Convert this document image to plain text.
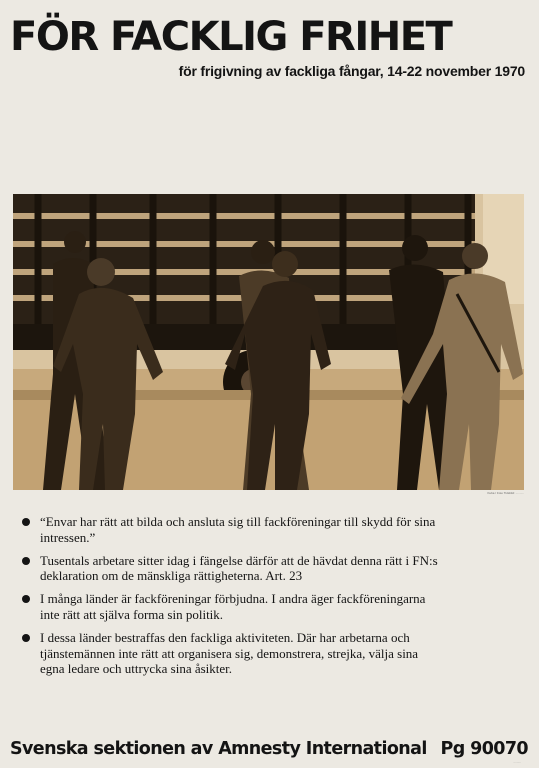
FÖR FACKLIG FRIHET

för frigivning av fackliga fångar, 14-22 november 1970

Kuba / Foto Tidsbild: ..........
“Envar har rätt att bilda och ansluta sig till fackföreningar till skydd för sina intressen.”
Tusentals arbetare sitter idag i fängelse därför att de hävdat denna rätt i FN:s deklaration om de mänskliga rättigheterna. Art. 23
I många länder är fackföreningar förbjudna. I andra äger fackföreningarna inte rätt att själva forma sin politik.
I dessa länder bestraffas den fackliga aktiviteten. Där har arbetarna och tjänstemännen inte rätt att organisera sig, demonstrera, strejka, välja sina egna ledare och uttrycka sina åsikter.

Svenska sektionen av Amnesty International Pg 90070

.........
